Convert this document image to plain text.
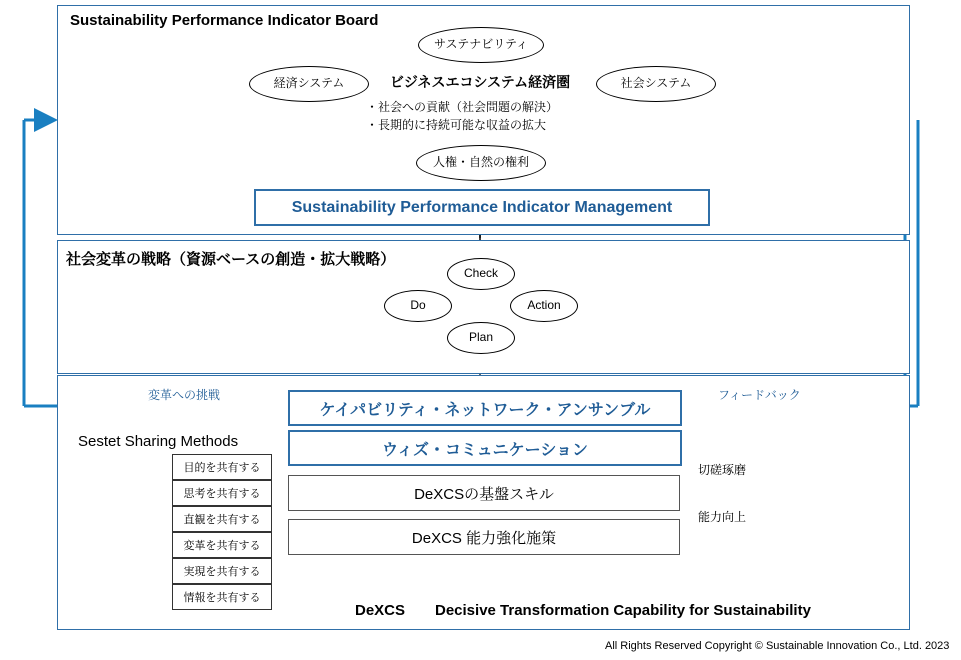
Sustainability Performance Indicator Board
ビジネスエコシステム経済圏
・社会への貢献（社会問題の解決）
・長期的に持続可能な収益の拡大
サステナビリティ
経済システム	社会システム
人権・自然の権利
Sustainability Performance Indicator Management
社会変革の戦略（資源ベースの創造・拡大戦略）
Check
Action
Plan
Do
変革への挑戦	フィードバック
ケイパビリティ・ネットワーク・アンサンブル
ウィズ・コミュニケーション
DeXCSの基盤スキル
DeXCS 能力強化施策
切磋琢磨
能力向上
Sestet Sharing Methods
目的を共有する
思考を共有する
直観を共有する
変革を共有する
実現を共有する
情報を共有する
DeXCS Decisive Transformation Capability for Sustainability
All Rights Reserved Copyright © Sustainable Innovation Co., Ltd. 2023
